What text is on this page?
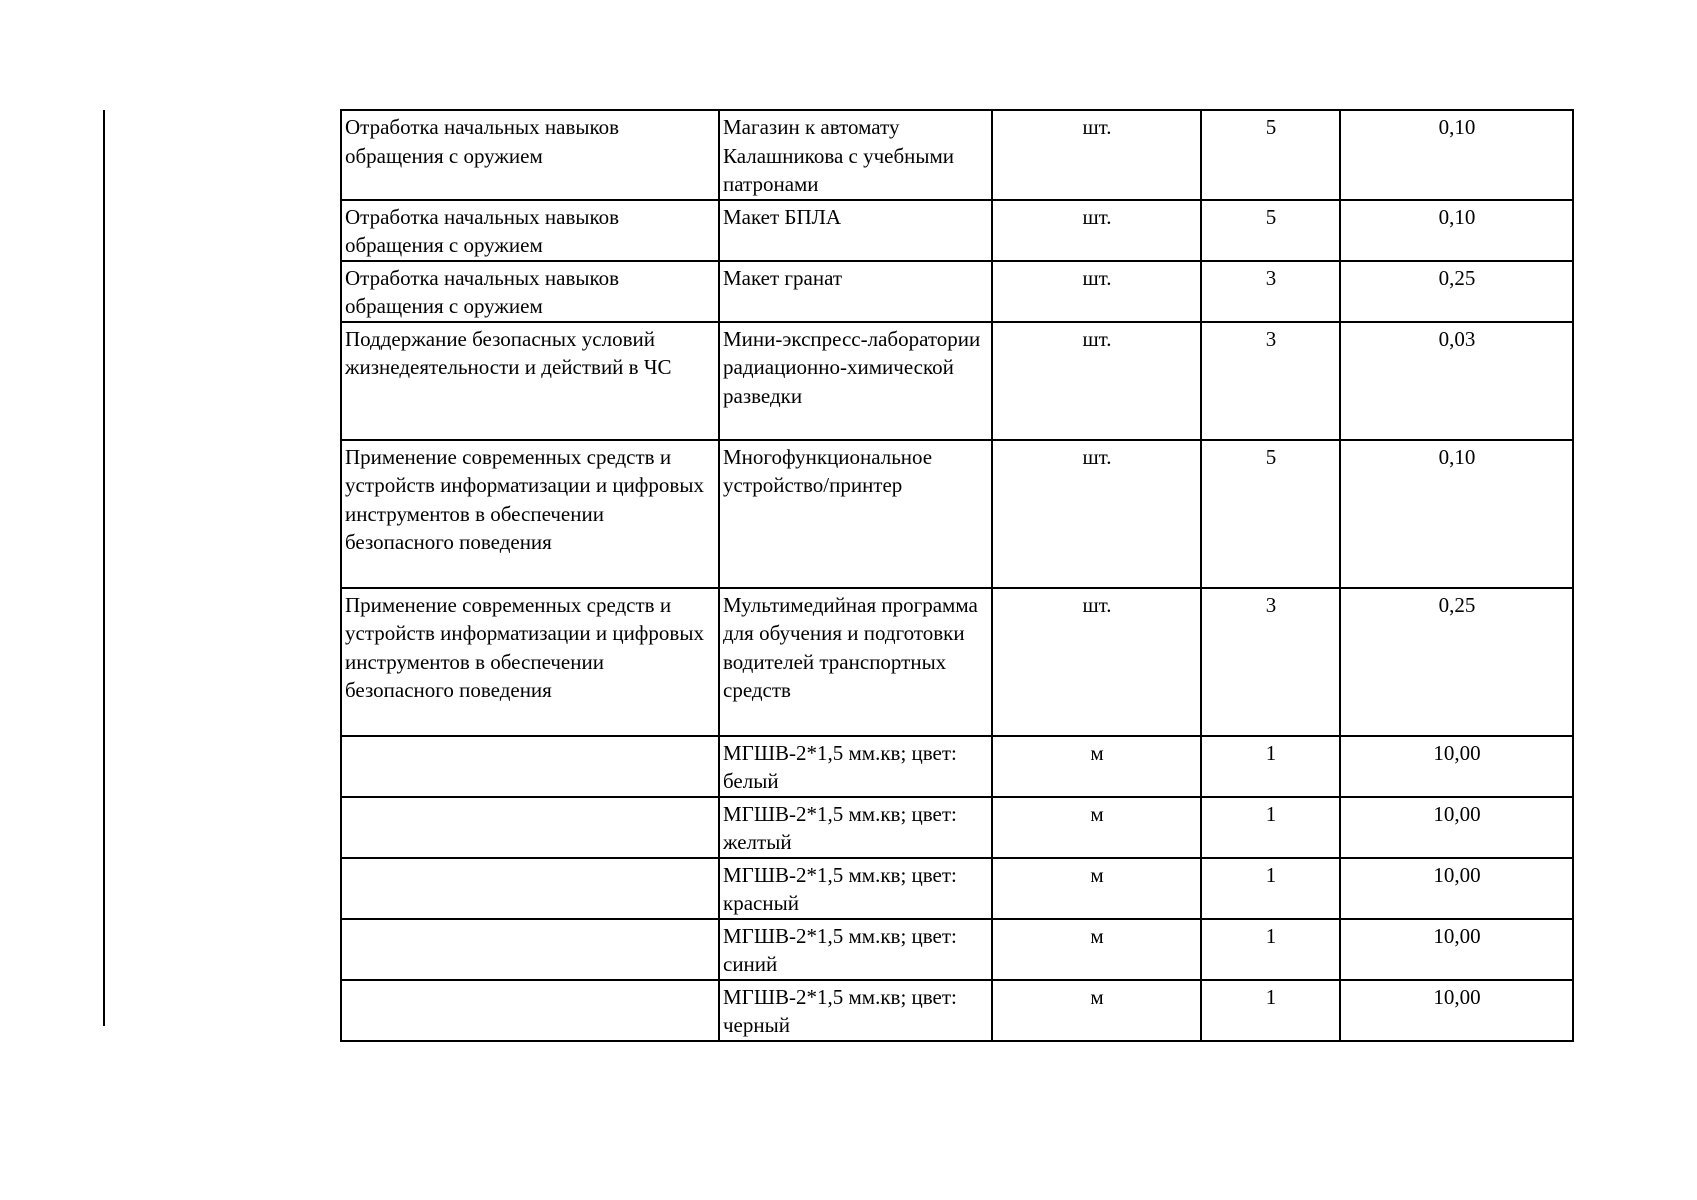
Отработка начальных навыков обращения с оружием	Магазин к автомату Калашникова с учебными патронами	шт.	5	0,10
Отработка начальных навыков обращения с оружием	Макет БПЛА	шт.	5	0,10
Отработка начальных навыков обращения с оружием	Макет гранат	шт.	3	0,25
Поддержание безопасных условий жизнедеятельности и действий в ЧС	Мини-экспресс-лаборатории радиационно-химической разведки	шт.	3	0,03
Применение современных средств и устройств информатизации и цифровых инструментов в обеспечении безопасного поведения	Многофункциональное устройство/принтер	шт.	5	0,10
Применение современных средств и устройств информатизации и цифровых инструментов в обеспечении безопасного поведения	Мультимедийная программа для обучения и подготовки водителей транспортных средств	шт.	3	0,25
	МГШВ-2*1,5 мм.кв; цвет: белый	м	1	10,00
	МГШВ-2*1,5 мм.кв; цвет: желтый	м	1	10,00
	МГШВ-2*1,5 мм.кв; цвет: красный	м	1	10,00
	МГШВ-2*1,5 мм.кв; цвет: синий	м	1	10,00
	МГШВ-2*1,5 мм.кв; цвет: черный	м	1	10,00
